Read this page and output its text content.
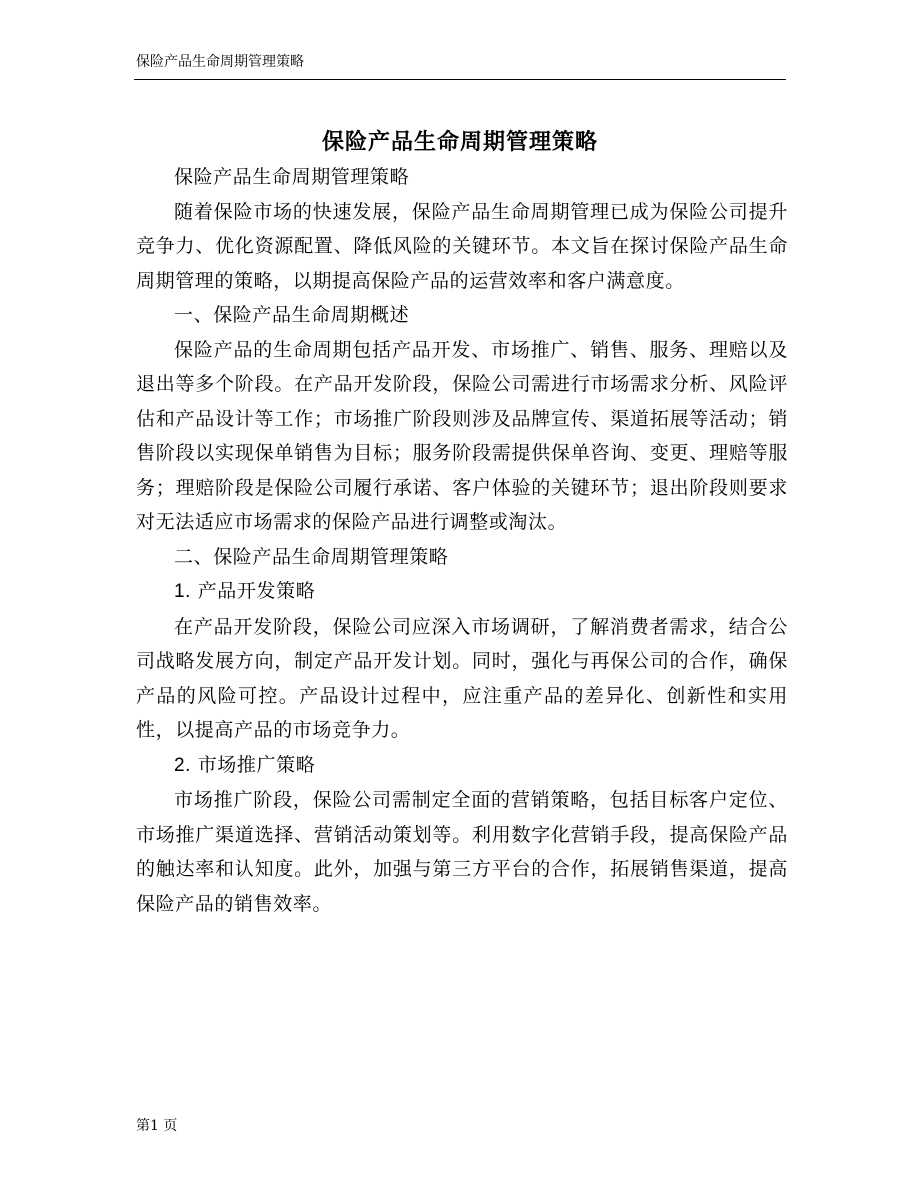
保险产品生命周期管理策略
保险产品生命周期管理策略

保险产品生命周期管理策略

随着保险市场的快速发展，保险产品生命周期管理已成为保险公司提升竞争力、优化资源配置、降低风险的关键环节。本文旨在探讨保险产品生命周期管理的策略，以期提高保险产品的运营效率和客户满意度。

一、保险产品生命周期概述

保险产品的生命周期包括产品开发、市场推广、销售、服务、理赔以及退出等多个阶段。在产品开发阶段，保险公司需进行市场需求分析、风险评估和产品设计等工作；市场推广阶段则涉及品牌宣传、渠道拓展等活动；销售阶段以实现保单销售为目标；服务阶段需提供保单咨询、变更、理赔等服务；理赔阶段是保险公司履行承诺、客户体验的关键环节；退出阶段则要求对无法适应市场需求的保险产品进行调整或淘汰。

二、保险产品生命周期管理策略

1. 产品开发策略

在产品开发阶段，保险公司应深入市场调研，了解消费者需求，结合公司战略发展方向，制定产品开发计划。同时，强化与再保公司的合作，确保产品的风险可控。产品设计过程中，应注重产品的差异化、创新性和实用性，以提高产品的市场竞争力。

2. 市场推广策略

市场推广阶段，保险公司需制定全面的营销策略，包括目标客户定位、市场推广渠道选择、营销活动策划等。利用数字化营销手段，提高保险产品的触达率和认知度。此外，加强与第三方平台的合作，拓展销售渠道，提高保险产品的销售效率。

第1 页
